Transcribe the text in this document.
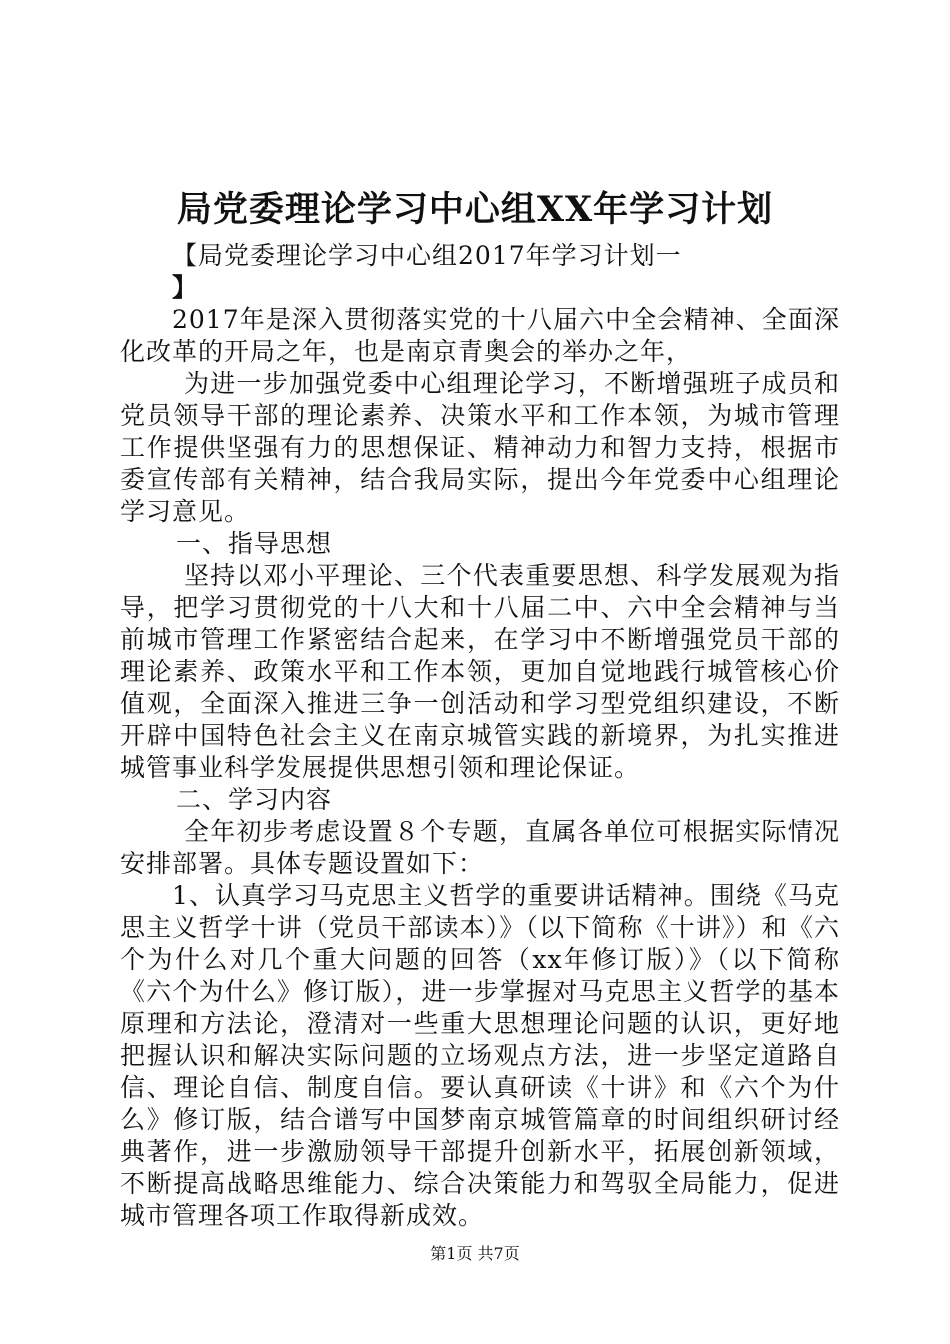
局党委理论学习中心组XX年学习计划

【局党委理论学习中心组2017年学习计划一

】

2017年是深入贯彻落实党的十八届六中全会精神、全面深化改革的开局之年，也是南京青奥会的举办之年，

为进一步加强党委中心组理论学习，不断增强班子成员和党员领导干部的理论素养、决策水平和工作本领，为城市管理工作提供坚强有力的思想保证、精神动力和智力支持，根据市委宣传部有关精神，结合我局实际，提出今年党委中心组理论学习意见。

一、指导思想

坚持以邓小平理论、三个代表重要思想、科学发展观为指导，把学习贯彻党的十八大和十八届二中、六中全会精神与当前城市管理工作紧密结合起来，在学习中不断增强党员干部的理论素养、政策水平和工作本领，更加自觉地践行城管核心价值观，全面深入推进三争一创活动和学习型党组织建设，不断开辟中国特色社会主义在南京城管实践的新境界，为扎实推进城管事业科学发展提供思想引领和理论保证。

二、学习内容

全年初步考虑设置８个专题，直属各单位可根据实际情况安排部署。具体专题设置如下：

1、认真学习马克思主义哲学的重要讲话精神。围绕《马克思主义哲学十讲（党员干部读本）》（以下简称《十讲》）和《六个为什么对几个重大问题的回答（xx年修订版）》（以下简称《六个为什么》修订版），进一步掌握对马克思主义哲学的基本原理和方法论，澄清对一些重大思想理论问题的认识，更好地把握认识和解决实际问题的立场观点方法，进一步坚定道路自信、理论自信、制度自信。要认真研读《十讲》和《六个为什么》修订版，结合谱写中国梦南京城管篇章的时间组织研讨经典著作，进一步激励领导干部提升创新水平，拓展创新领域，不断提高战略思维能力、综合决策能力和驾驭全局能力，促进城市管理各项工作取得新成效。

第1页 共7页
